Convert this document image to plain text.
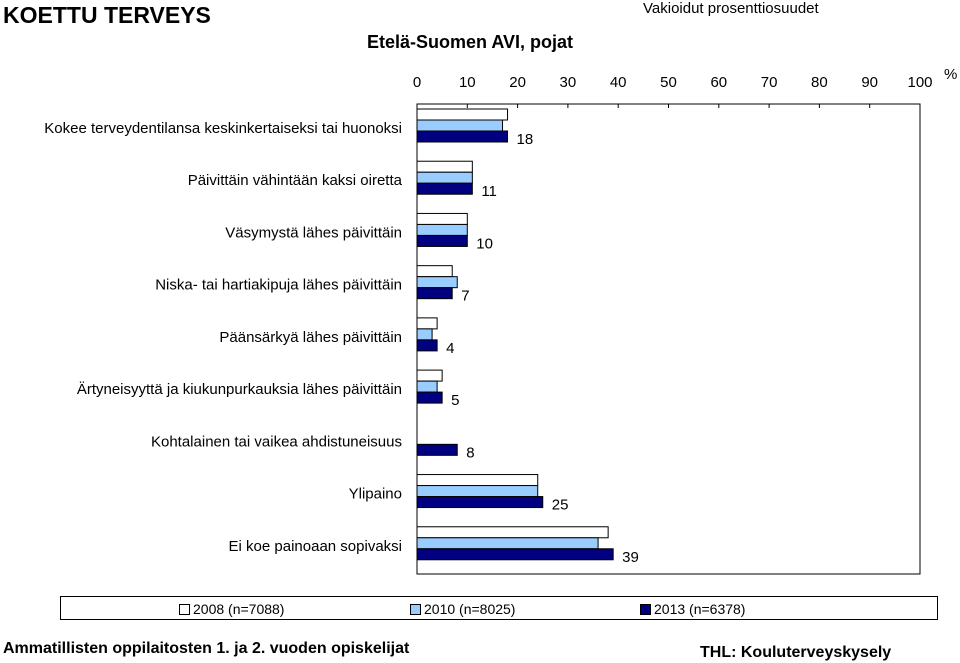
KOETTU TERVEYS
Etelä-Suomen AVI, pojat
Vakioidut prosenttiosuudet
0	10 20 30 40 50 60 70 80 90 100 %
Kokee terveydentilansa keskinkertaiseksi tai huonoksi
18
Päivittäin vähintään kaksi oiretta
11
Väsymystä lähes päivittäin
10
Niska- tai hartiakipuja lähes päivittäin
7
Päänsärkyä lähes päivittäin
4
Ärtyneisyyttä ja kiukunpurkauksia lähes päivittäin
5
Kohtalainen tai vaikea ahdistuneisuus
8
Ylipaino
25
Ei koe painoaan sopivaksi
39
2008 (n=7088)	2010 (n=8025)	2013 (n=6378)
Ammatillisten oppilaitosten 1. ja 2. vuoden opiskelijat	THL: Kouluterveyskysely
